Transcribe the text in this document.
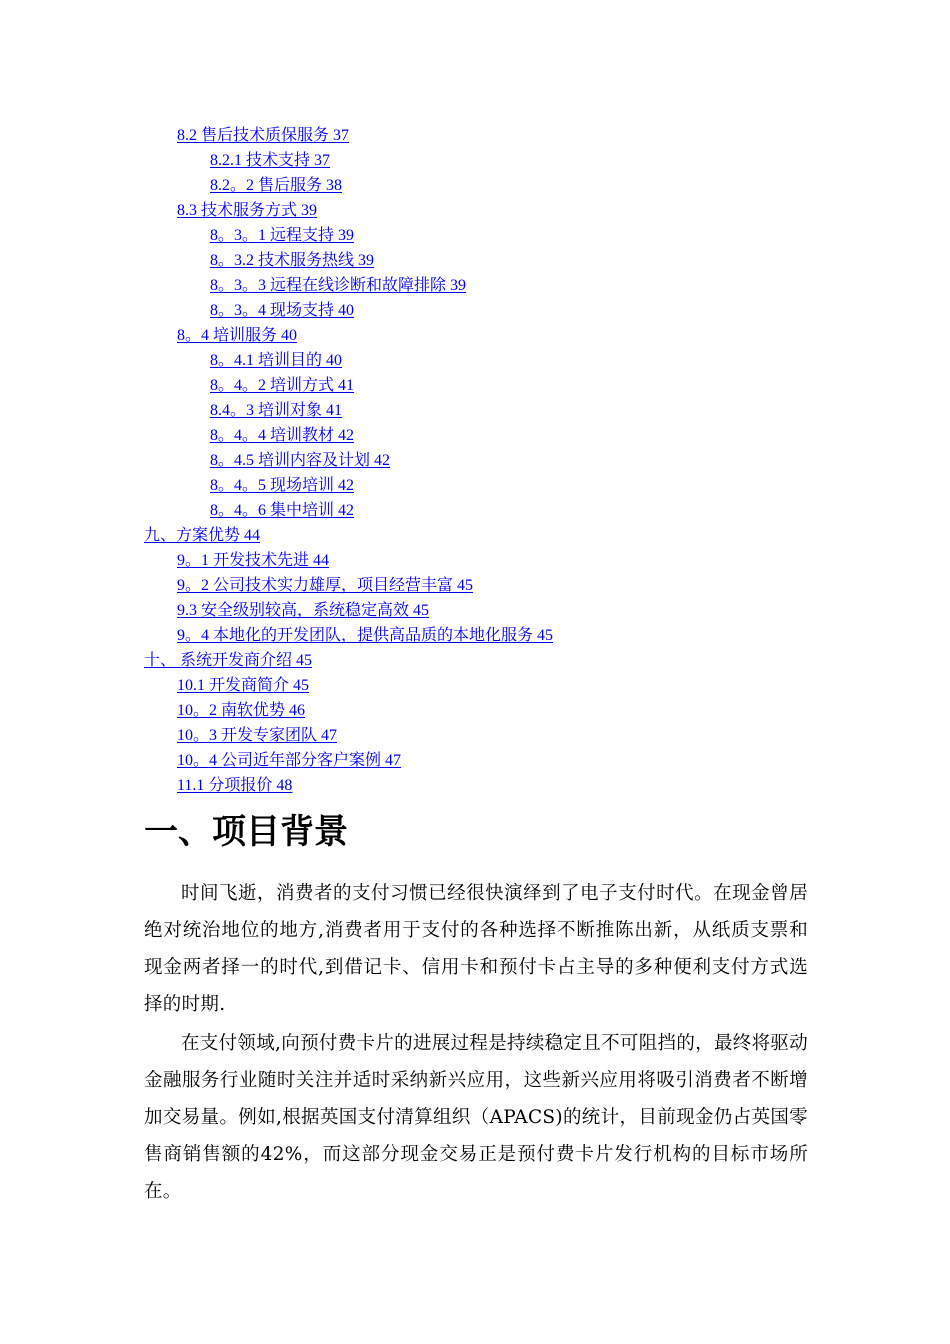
8.2 售后技术质保服务 37
8.2.1 技术支持 37
8.2。2 售后服务 38
8.3 技术服务方式 39
8。3。1 远程支持 39
8。3.2 技术服务热线 39
8。3。3 远程在线诊断和故障排除 39
8。3。4 现场支持 40
8。4 培训服务 40
8。4.1 培训目的 40
8。4。2 培训方式 41
8.4。3 培训对象 41
8。4。4 培训教材 42
8。4.5 培训内容及计划 42
8。4。5 现场培训 42
8。4。6 集中培训 42
九、方案优势 44
9。1 开发技术先进 44
9。2 公司技术实力雄厚，项目经营丰富 45
9.3 安全级别较高，系统稳定高效 45
9。4 本地化的开发团队，提供高品质的本地化服务 45
十、 系统开发商介绍 45
10.1 开发商简介 45
10。2 南软优势 46
10。3 开发专家团队 47
10。4 公司近年部分客户案例 47
11.1 分项报价 48
一、项目背景

时间飞逝，消费者的支付习惯已经很快演绎到了电子支付时代。在现金曾居绝对统治地位的地方,消费者用于支付的各种选择不断推陈出新，从纸质支票和现金两者择一的时代,到借记卡、信用卡和预付卡占主导的多种便利支付方式选择的时期.

在支付领域,向预付费卡片的进展过程是持续稳定且不可阻挡的，最终将驱动金融服务行业随时关注并适时采纳新兴应用，这些新兴应用将吸引消费者不断增加交易量。例如,根据英国支付清算组织（APACS)的统计，目前现金仍占英国零售商销售额的42%，而这部分现金交易正是预付费卡片发行机构的目标市场所在。
